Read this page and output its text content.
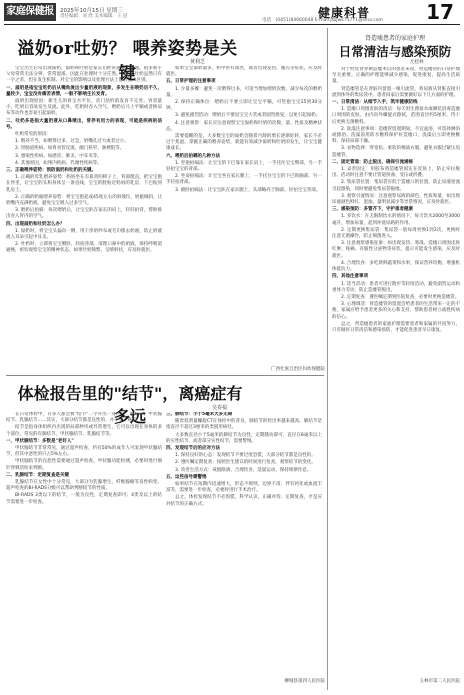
家庭保健报	2025年10月15日 星期三
责任编辑：刘 欣 美术编辑：王 冠	健康科普
电话：(0451)84660048 E-mail:jtbjwk71771@sina.com	17
溢奶or吐奶？ 喂养姿势是关键
黄利芝

宝宝出生后常出现溢奶，溢奶和吐奶是家长们经常遇到的问题。很多新手父母常常无法分辨，常常混淆，因此在处理时十分茫然。溢奶和吐奶虽然只有一字之差，但在发生机制、对宝宝的影响以及处理方法上都有很大区别。

一、溢奶是指宝宝吃奶后从嘴角流出少量奶液的现象，多发生在喂奶后不久，量较少，宝宝没有痛苦表情，一般不影响生长发育。

溢奶出现原因：新生儿的胃呈水平位，贲门括约肌发育不完善，胃容量小，吃奶后容易发生反流。此外，吃奶时吞入空气，喂奶后马上平躺或者换尿布等动作也容易引起溢奶。

二、吐奶多是指大量奶液从口鼻喷出，常伴有用力的表现，可能是疾病的信号。

吐奶常见的原因：

1. 喂养不当，如喂得过多、过急，奶嘴孔过大或者过小。

2. 胃肠道疾病，如胃食管反流、幽门狭窄、肠梗阻等。

3. 感染性疾病，如感冒、肺炎、中耳炎等。

4. 其他原因，如颅内疾病、代谢性疾病等。

三、正确喂养姿势：预防溢奶和吐奶的关键。

1. 正确的母乳喂养姿势：妈妈坐在有靠背的椅子上，背部挺直，把宝宝抱在怀里，让宝宝的头和身体呈一条直线，宝宝的脸贴近妈妈的乳房，下巴贴到乳房上。

2. 正确的奶瓶喂养姿势：将宝宝抱起成45度左右的斜坡位，奶瓶倾斜，让奶嘴内充满奶液，避免宝宝吸入过多空气。

3. 喂奶后拍嗝：每次喂奶后，让宝宝趴在家长的肩上，轻轻拍背，帮助排出吞入胃内的空气。

四、出现溢奶和吐奶怎么办？

1. 溢奶时，将宝宝头偏向一侧，用干净的纱布或毛巾擦去奶液，防止奶液流入耳朵引起中耳炎。

2. 吐奶时，立即将宝宝侧卧，轻拍背部，清理口鼻中的奶液，保持呼吸道通畅，密切观察宝宝的精神状态。如果吐奶频繁、呈喷射状，应及时就医。

如果宝宝溢奶量多，奶中带有血丝，或者出现发热、腹泻等症状，应及时就医。

五、日常护理的注意事项

1. 少量多餐：避免一次喂得过多，可适当增加喂奶次数，减少每次的喂奶量。

2. 保持正确体位：喂奶后不要立即让宝宝平躺，可竖抱宝宝15到30分钟。

3. 避免剧烈活动：喂奶后不要逗宝宝大笑或者剧烈摇晃，以免引起溢奶。

4. 注意观察：家长应注意观察宝宝溢奶和吐奶的次数、量、性质及精神状态。

需要提醒的是，大多数宝宝的溢奶会随着月龄的增长逐渐好转，家长不必过于焦虑。掌握正确的喂养姿势，就能有效减少溢奶和吐奶的发生，让宝宝健康成长。

六、喂奶后拍嗝的几种方法

1. 竖抱拍嗝法：让宝宝的下巴靠在家长肩上，一手托住宝宝臀部，另一手轻拍宝宝的背部。

2. 坐姿拍嗝法：让宝宝坐在家长腿上，一手托住宝宝的下巴和胸部，另一手轻拍背部。

3. 俯卧拍嗝法：让宝宝趴在家长腿上，头部略高于胸部，轻拍宝宝背部。

广西壮族自治区妇幼保健院
体检报告里的"结节"，离癌症有多远	吴春福

在日常体检中，许多人都会被"结节"二字吓出一身冷汗：肺结节、甲状腺结节、乳腺结节……其实，大部分结节都是良性的，并不等于癌症。

结节是指身体组织内出现的局部肿块或异常增生，它可以出现在身体的多个部位，常见的有肺结节、甲状腺结节、乳腺结节等。

一、甲状腺结节：多数是"老好人"

甲状腺结节非常常见，通过超声检查，约有50%的成年人可发现甲状腺结节，但其中恶性的只占5%左右。

甲状腺结节的良恶性需要通过超声检查、甲状腺功能检测，必要时进行细针穿刺活检来判断。

二、乳腺结节：定期复查是关键

乳腺结节在女性中十分常见，大部分为乳腺增生、纤维腺瘤等良性病变。超声检查的BI-RADS分级可以帮助判断结节的性质。

BI-RADS 3类以下的结节，一般为良性，定期复查即可；4类及以上的结节需要进一步检查。

三、肺结节：小于5毫米大多无碍

随着低剂量螺旋CT在体检中的普及，肺结节的检出率越来越高。肺结节是指直径不超过3厘米的类圆形病灶。

大多数直径小于5毫米的肺结节为良性，定期随访即可；直径在8毫米以上的实性结节，或者部分实性结节，需要警惕。

四、发现结节后的应对方法

1. 保持良好的心态：发现结节不要过度恐慌，大部分结节都是良性的。

2. 遵医嘱定期复查：按照医生建议的时间进行复查，观察结节的变化。

3. 改善生活方式：戒烟限酒、合理饮食、适量运动、保持规律作息。

五、这些信号需警惕

如果结节在短期内迅速增大，形态不规则，边界不清，伴有钙化或血流丰富等，需要进一步检查，必要时进行手术治疗。

总之，体检发现结节不必惊慌，科学认识、正确对待、定期复查，才是应对结节的正确方式。

柳城县第四人民医院
肾造瘘患者的家庭护理
日常清洁与感染预防
尤桂林

对于经皮肾穿刺造瘘术后的患者来说，肾造瘘管的日常护理至关重要。正确的护理能够减少感染，促进康复，提高生活质量。

肾造瘘管是在肾脏内留置一根引流管，将尿液从肾脏直接引流到体外的集尿袋中。患者回家后需要做好以下几方面的护理。

一、日常清洁：从细节入手，筑牢健康防线

1. 造瘘口周围皮肤的清洁：每天用生理盐水或碘伏消毒造瘘口周围的皮肤，由内向外螺旋式擦拭，范围直径约5厘米，待干后更换无菌敷料。

2. 洗澡注意事项：造瘘管留置期间，不宜盆浴，可选择淋浴或擦浴。洗澡前用防水敷料保护好造瘘口，洗澡后立即更换敷料，保持局部干燥。

3. 衣物选择：穿宽松、柔软的棉质衣服，避免衣服过紧压迫造瘘管。

二、固定管道：防止脱出，确保引流通畅

1. 妥善固定：用胶布将造瘘管固定在皮肤上，防止牵拉脱出。活动时注意不要让管道扭曲、受压或折叠。

2. 集尿袋位置：集尿袋应低于造瘘口的位置，防止尿液逆流引起感染，同时要避免集尿袋拖地。

3. 观察引流情况：注意观察尿液的颜色、性质和量，如出现尿液颜色鲜红、混浊、量明显减少等异常情况，应及时就医。

三、感染预防：多管齐下，守护患者健康

1. 多饮水：在无限制饮水的情况下，每天饮水2000至3000毫升，增加尿量，起到冲洗尿路的作用。

2. 定期更换集尿袋：集尿袋一般每周更换1到2次，更换时注意无菌操作，防止细菌进入。

3. 注意观察感染征象：如出现发热、寒战、造瘘口周围皮肤红肿、疼痛、有脓性分泌物等症状，提示可能发生感染，应及时就医。

4. 合理饮食：多吃新鲜蔬菜和水果，保证营养均衡，增强机体抵抗力。

四、其他注意事项

1. 适当活动：患者可进行散步等轻度活动，避免剧烈运动和重体力劳动，防止造瘘管脱出。

2. 定期复查：遵医嘱定期到医院复查，必要时更换造瘘管。

3. 心理调适：肾造瘘管的留置会给患者的生活带来一定的不便，家属应给予患者更多的关心和支持，帮助患者树立战胜疾病的信心。

总之，肾造瘘患者的家庭护理需要患者和家属的共同努力，只有做好日常清洁和感染预防，才能促进患者早日康复。

玉林市第二人民医院
